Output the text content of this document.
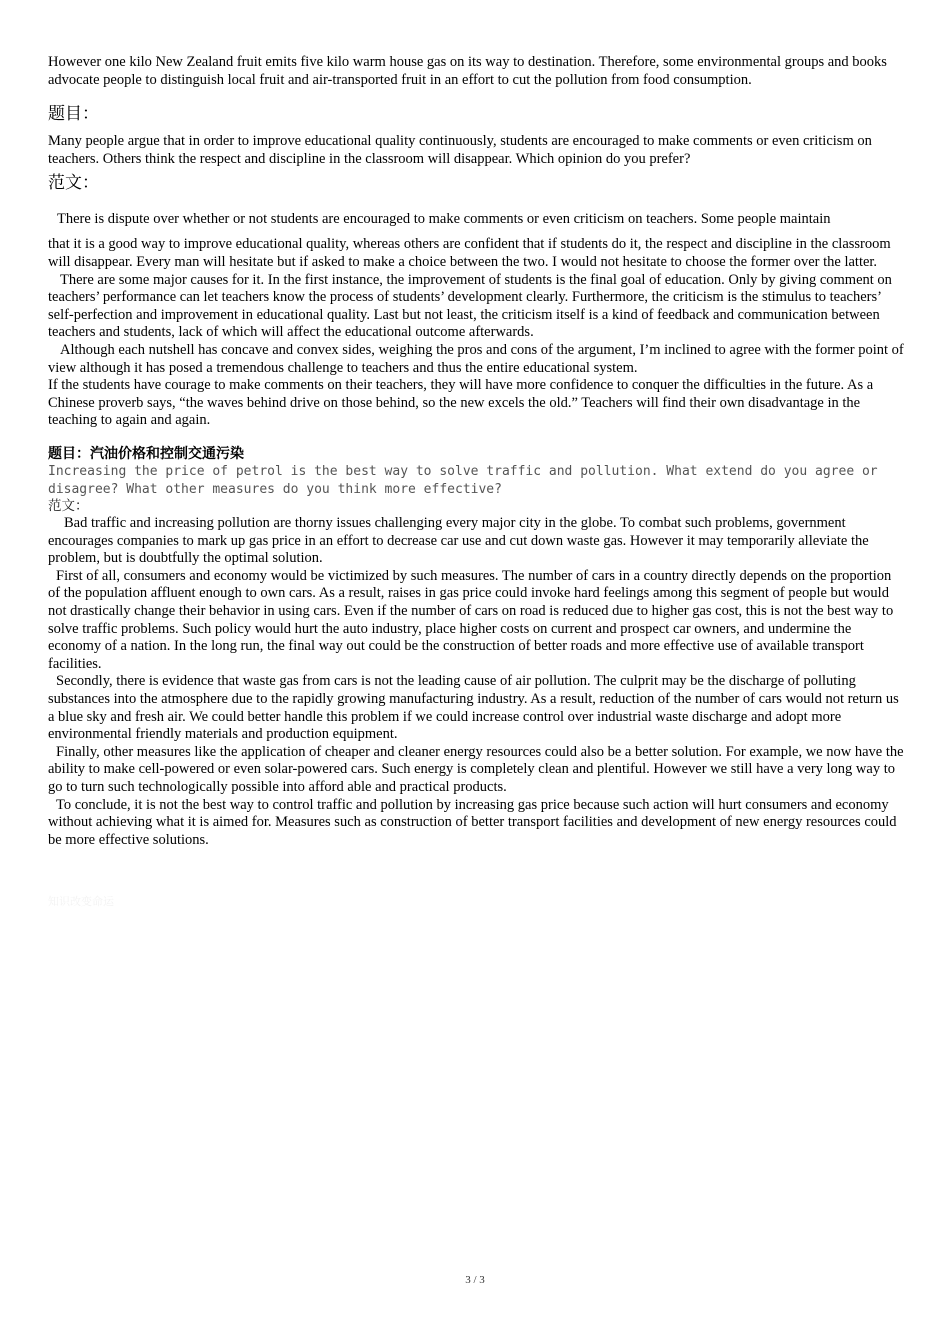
However one kilo New Zealand fruit emits five kilo warm house gas on its way to destination. Therefore, some environmental groups and books advocate people to distinguish local fruit and air-transported fruit in an effort to cut the pollution from food consumption.

题目：

Many people argue that in order to improve educational quality continuously, students are encouraged to make comments or even criticism on teachers. Others think the respect and discipline in the classroom will disappear. Which opinion do you prefer?

范文：

There is dispute over whether or not students are encouraged to make comments or even criticism on teachers. Some people maintain

that it is a good way to improve educational quality, whereas others are confident that if students do it, the respect and discipline in the classroom will disappear. Every man will hesitate but if asked to make a choice between the two. I would not hesitate to choose the former over the latter.

There are some major causes for it. In the first instance, the improvement of students is the final goal of education. Only by giving comment on teachers’ performance can let teachers know the process of students’ development clearly. Furthermore, the criticism is the stimulus to teachers’ self-perfection and improvement in educational quality. Last but not least, the criticism itself is a kind of feedback and communication between teachers and students, lack of which will affect the educational outcome afterwards.

Although each nutshell has concave and convex sides, weighing the pros and cons of the argument, I’m inclined to agree with the former point of view although it has posed a tremendous challenge to teachers and thus the entire educational system.

If the students have courage to make comments on their teachers, they will have more confidence to conquer the difficulties in the future. As a Chinese proverb says, “the waves behind drive on those behind, so the new excels the old.” Teachers will find their own disadvantage in the teaching to again and again.

题目：汽油价格和控制交通污染

Increasing the price of petrol is the best way to solve traffic and pollution. What extend do you agree or disagree? What other measures do you think more effective?

范文：

Bad traffic and increasing pollution are thorny issues challenging every major city in the globe. To combat such problems, government encourages companies to mark up gas price in an effort to decrease car use and cut down waste gas. However it may temporarily alleviate the problem, but is doubtfully the optimal solution.

First of all, consumers and economy would be victimized by such measures. The number of cars in a country directly depends on the proportion of the population affluent enough to own cars. As a result, raises in gas price could invoke hard feelings among this segment of people but would not drastically change their behavior in using cars. Even if the number of cars on road is reduced due to higher gas cost, this is not the best way to solve traffic problems. Such policy would hurt the auto industry, place higher costs on current and prospect car owners, and undermine the economy of a nation. In the long run, the final way out could be the construction of better roads and more effective use of available transport facilities.

Secondly, there is evidence that waste gas from cars is not the leading cause of air pollution. The culprit may be the discharge of polluting substances into the atmosphere due to the rapidly growing manufacturing industry. As a result, reduction of the number of cars would not return us a blue sky and fresh air. We could better handle this problem if we could increase control over industrial waste discharge and adopt more environmental friendly materials and production equipment.

Finally, other measures like the application of cheaper and cleaner energy resources could also be a better solution. For example, we now have the ability to make cell-powered or even solar-powered cars. Such energy is completely clean and plentiful. However we still have a very long way to go to turn such technologically possible into afford able and practical products.

To conclude, it is not the best way to control traffic and pollution by increasing gas price because such action will hurt consumers and economy without achieving what it is aimed for. Measures such as construction of better transport facilities and development of new energy resources could be more effective solutions.

知识改变命运
3 / 3
